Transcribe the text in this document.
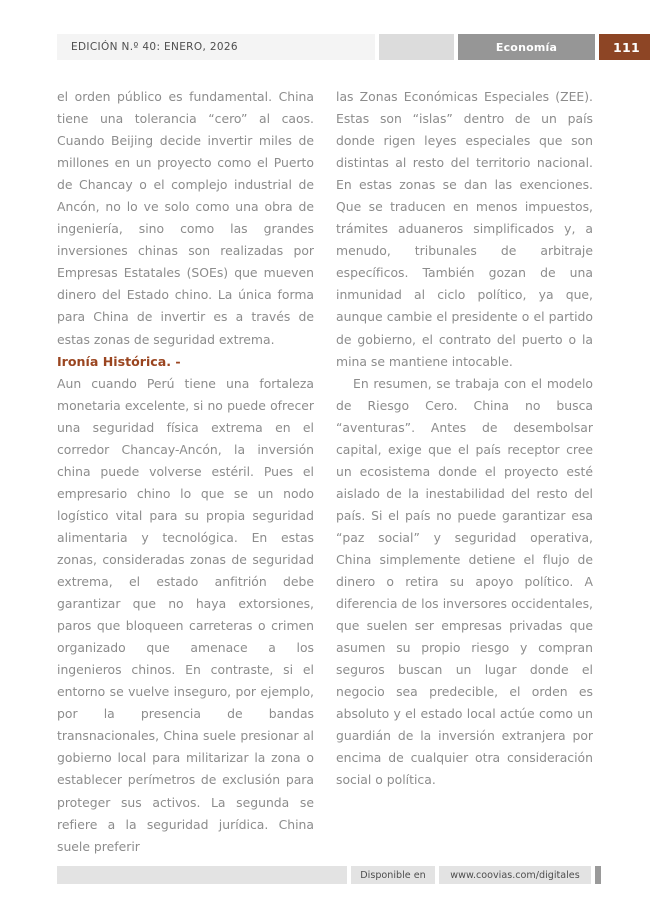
EDICIÓN N.º 40: ENERO, 2026	Economía	111

el orden público es fundamental. China tiene una tolerancia “cero” al caos. Cuando Beijing decide invertir miles de millones en un proyecto como el Puerto de Chancay o el complejo industrial de Ancón, no lo ve solo como una obra de ingeniería, sino como las grandes inversiones chinas son realizadas por Empresas Estatales (SOEs) que mueven dinero del Estado chino. La única forma para China de invertir es a través de estas zonas de seguridad extrema.

Ironía Histórica. -

Aun cuando Perú tiene una fortaleza monetaria excelente, si no puede ofrecer una seguridad física extrema en el corredor Chancay-Ancón, la inversión china puede volverse estéril. Pues el empresario chino lo que se un nodo logístico vital para su propia seguridad alimentaria y tecnológica. En estas zonas, consideradas zonas de seguridad extrema, el estado anfitrión debe garantizar que no haya extorsiones, paros que bloqueen carreteras o crimen organizado que amenace a los ingenieros chinos. En contraste, si el entorno se vuelve inseguro, por ejemplo, por la presencia de bandas transnacionales, China suele presionar al gobierno local para militarizar la zona o establecer perímetros de exclusión para proteger sus activos. La segunda se refiere a la seguridad jurídica. China suele preferir

las Zonas Económicas Especiales (ZEE). Estas son “islas” dentro de un país donde rigen leyes especiales que son distintas al resto del territorio nacional. En estas zonas se dan las exenciones. Que se traducen en menos impuestos, trámites aduaneros simplificados y, a menudo, tribunales de arbitraje específicos. También gozan de una inmunidad al ciclo político, ya que, aunque cambie el presidente o el partido de gobierno, el contrato del puerto o la mina se mantiene intocable.

En resumen, se trabaja con el modelo de Riesgo Cero. China no busca “aventuras”. Antes de desembolsar capital, exige que el país receptor cree un ecosistema donde el proyecto esté aislado de la inestabilidad del resto del país. Si el país no puede garantizar esa “paz social” y seguridad operativa, China simplemente detiene el flujo de dinero o retira su apoyo político. A diferencia de los inversores occidentales, que suelen ser empresas privadas que asumen su propio riesgo y compran seguros buscan un lugar donde el negocio sea predecible, el orden es absoluto y el estado local actúe como un guardián de la inversión extranjera por encima de cualquier otra consideración social o política.

Disponible en	www.coovias.com/digitales
